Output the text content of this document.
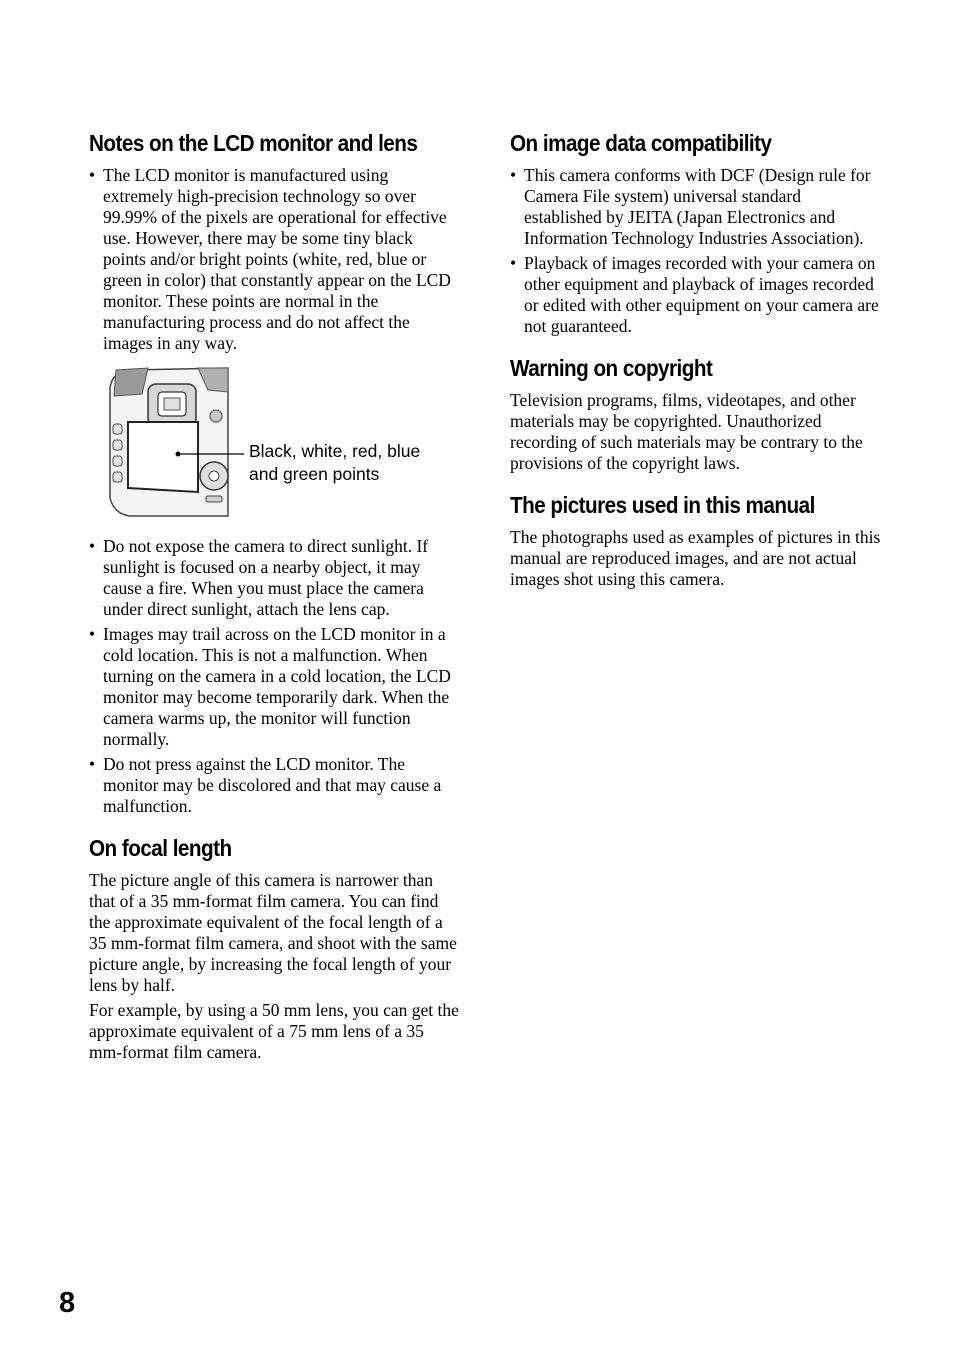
Notes on the LCD monitor and lens
• The LCD monitor is manufactured using extremely high-precision technology so over 99.99% of the pixels are operational for effective use. However, there may be some tiny black points and/or bright points (white, red, blue or green in color) that constantly appear on the LCD monitor. These points are normal in the manufacturing process and do not affect the images in any way.
Black, white, red, blue
and green points
• Do not expose the camera to direct sunlight. If sunlight is focused on a nearby object, it may cause a fire. When you must place the camera under direct sunlight, attach the lens cap.
• Images may trail across on the LCD monitor in a cold location. This is not a malfunction. When turning on the camera in a cold location, the LCD monitor may become temporarily dark. When the camera warms up, the monitor will function normally.
• Do not press against the LCD monitor. The monitor may be discolored and that may cause a malfunction.
On focal length

The picture angle of this camera is narrower than that of a 35 mm-format film camera. You can find the approximate equivalent of the focal length of a 35 mm-format film camera, and shoot with the same picture angle, by increasing the focal length of your lens by half.

For example, by using a 50 mm lens, you can get the approximate equivalent of a 75 mm lens of a 35 mm-format film camera.

On image data compatibility
• This camera conforms with DCF (Design rule for Camera File system) universal standard established by JEITA (Japan Electronics and Information Technology Industries Association).
• Playback of images recorded with your camera on other equipment and playback of images recorded or edited with other equipment on your camera are not guaranteed.
Warning on copyright

Television programs, films, videotapes, and other materials may be copyrighted. Unauthorized recording of such materials may be contrary to the provisions of the copyright laws.

The pictures used in this manual

The photographs used as examples of pictures in this manual are reproduced images, and are not actual images shot using this camera.

8
